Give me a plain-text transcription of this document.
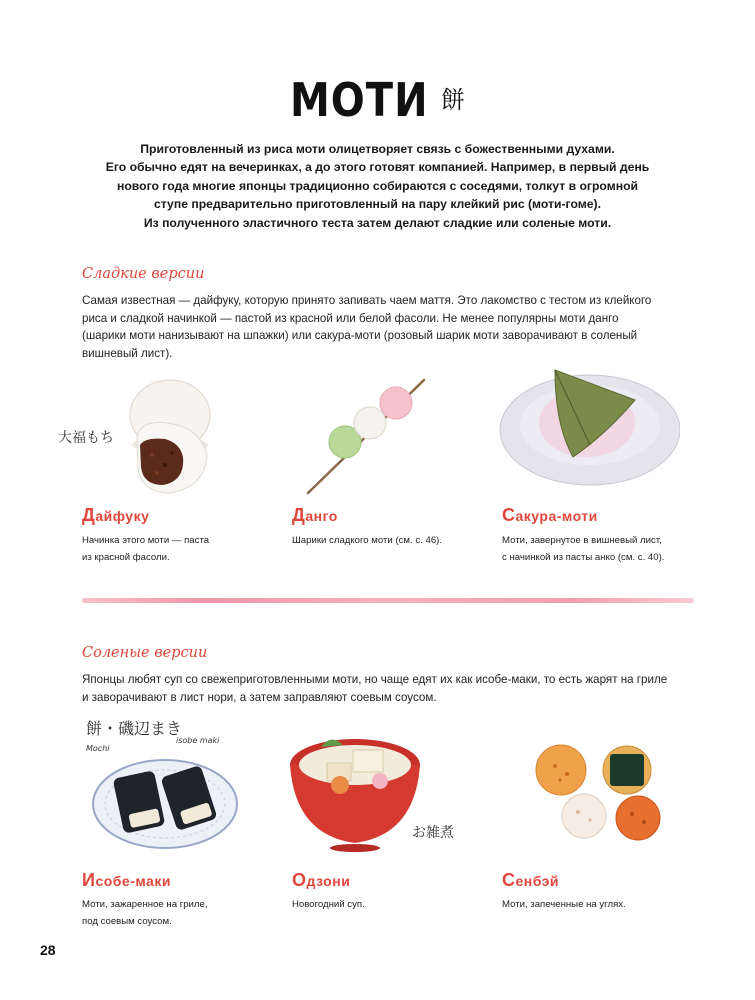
МОТИ 餅
Приготовленный из риса моти олицетворяет связь с божественными духами.
Его обычно едят на вечеринках, а до этого готовят компанией. Например, в первый день
нового года многие японцы традиционно собираются с соседями, толкут в огромной
ступе предварительно приготовленный на пару клейкий рис (моти-гоме).
Из полученного эластичного теста затем делают сладкие или соленые моти.
Сладкие версии
Самая известная — дайфуку, которую принято запивать чаем маття. Это лакомство с тестом из клейкого
риса и сладкой начинкой — пастой из красной или белой фасоли. Не менее популярны моти данго
(шарики моти нанизывают на шпажки) или сакура-моти (розовый шарик моти заворачивают в соленый
вишневый лист).
大福もち
Дайфуку	Данго	Сакура-моти
Начинка этого моти — паста
из красной фасоли.
Шарики сладкого моти (см. с. 46).	Моти, завернутое в вишневый лист,
с начинкой из пасты анко (см. с. 40).
Соленые версии
Японцы любят суп со свежеприготовленными моти, но чаще едят их как исобе-маки, то есть жарят на гриле
и заворачивают в лист нори, а затем заправляют соевым соусом.
餅・磯辺まき
Mochi
isobe maki
お雑煮
Исобе-маки	Одзони	Сенбэй
Моти, зажаренное на гриле,
под соевым соусом.
Новогодний суп.	Моти, запеченные на углях.
28
